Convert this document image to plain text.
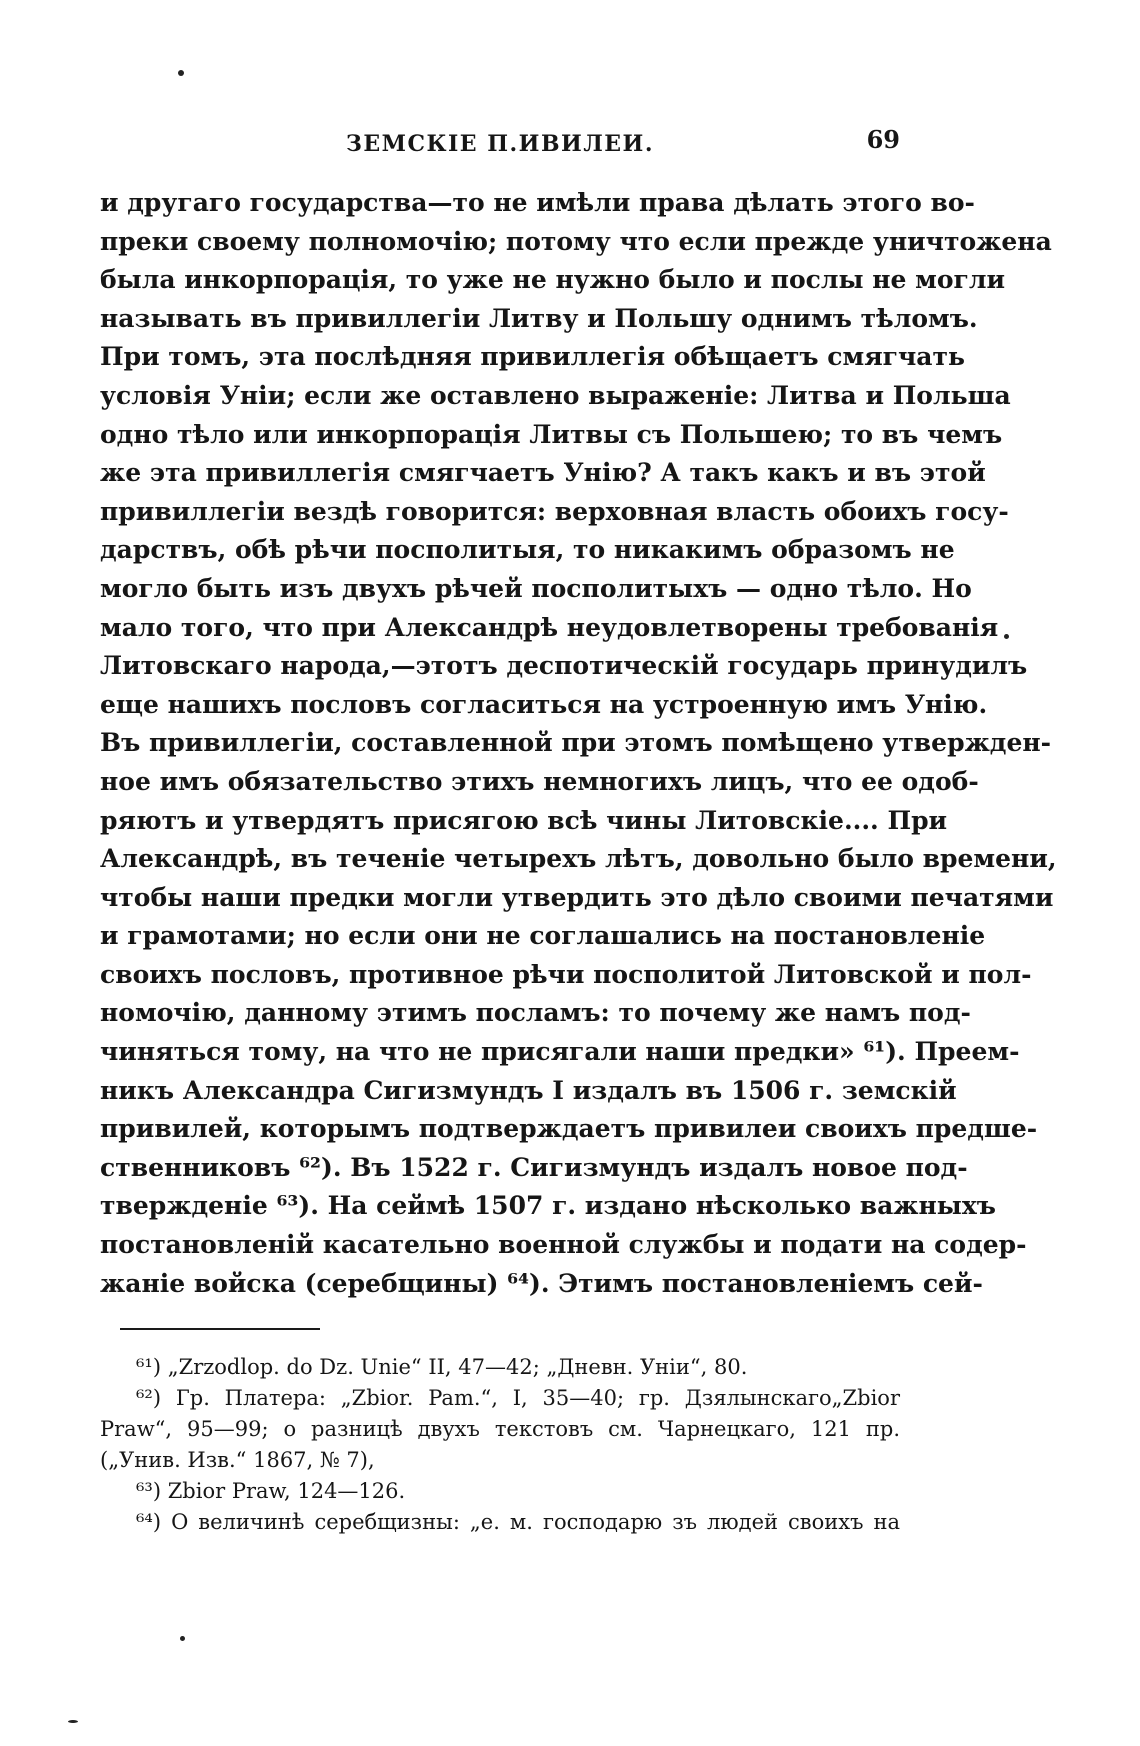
ЗЕМСКІЕ П.ИВИЛЕИ.	69
и другаго государства—то не имѣли права дѣлать этого во-
преки своему полномочію; потому что если прежде уничтожена
была инкорпорація, то уже не нужно было и послы не могли
называть въ привиллегіи Литву и Польшу однимъ тѣломъ.
При томъ, эта послѣдняя привиллегія обѣщаетъ смягчать
условія Уніи; если же оставлено выраженіе: Литва и Польша
одно тѣло или инкорпорація Литвы съ Польшею; то въ чемъ
же эта привиллегія смягчаетъ Унію? А такъ какъ и въ этой
привиллегіи вездѣ говорится: верховная власть обоихъ госу-
дарствъ, обѣ рѣчи посполитыя, то никакимъ образомъ не
могло быть изъ двухъ рѣчей посполитыхъ — одно тѣло. Но
мало того, что при Александрѣ неудовлетворены требованія
Литовскаго народа,—этотъ деспотическій государь принудилъ
еще нашихъ пословъ согласиться на устроенную имъ Унію.
Въ привиллегіи, составленной при этомъ помѣщено утвержден-
ное имъ обязательство этихъ немногихъ лицъ, что ее одоб-
ряютъ и утвердятъ присягою всѣ чины Литовскіе.... При
Александрѣ, въ теченіе четырехъ лѣтъ, довольно было времени,
чтобы наши предки могли утвердить это дѣло своими печатями
и грамотами; но если они не соглашались на постановленіе
своихъ пословъ, противное рѣчи посполитой Литовской и пол-
номочію, данному этимъ посламъ: то почему же намъ под-
чиняться тому, на что не присягали наши предки» ⁶¹). Преем-
никъ Александра Сигизмундъ I издалъ въ 1506 г. земскій
привилей, которымъ подтверждаетъ привилеи своихъ предше-
ственниковъ ⁶²). Въ 1522 г. Сигизмундъ издалъ новое под-
твержденіе ⁶³). На сеймѣ 1507 г. издано нѣсколько важныхъ
постановленій касательно военной службы и подати на содер-
жаніе войска (серебщины) ⁶⁴). Этимъ постановленіемъ сей-
⁶¹) „Zrzodlop. do Dz. Unie“ II, 47—42; „Дневн. Уніи“, 80.
⁶²) Гр. Платера: „Zbior. Pam.“, I, 35—40; гр. Дзялынскаго„Zbior
Praw“, 95—99; о разницѣ двухъ текстовъ см. Чарнецкаго, 121 пр.
(„Унив. Изв.“ 1867, № 7),
⁶³) Zbior Praw, 124—126.
⁶⁴) О величинѣ серебщизны: „е. м. господарю зъ людей своихъ на
